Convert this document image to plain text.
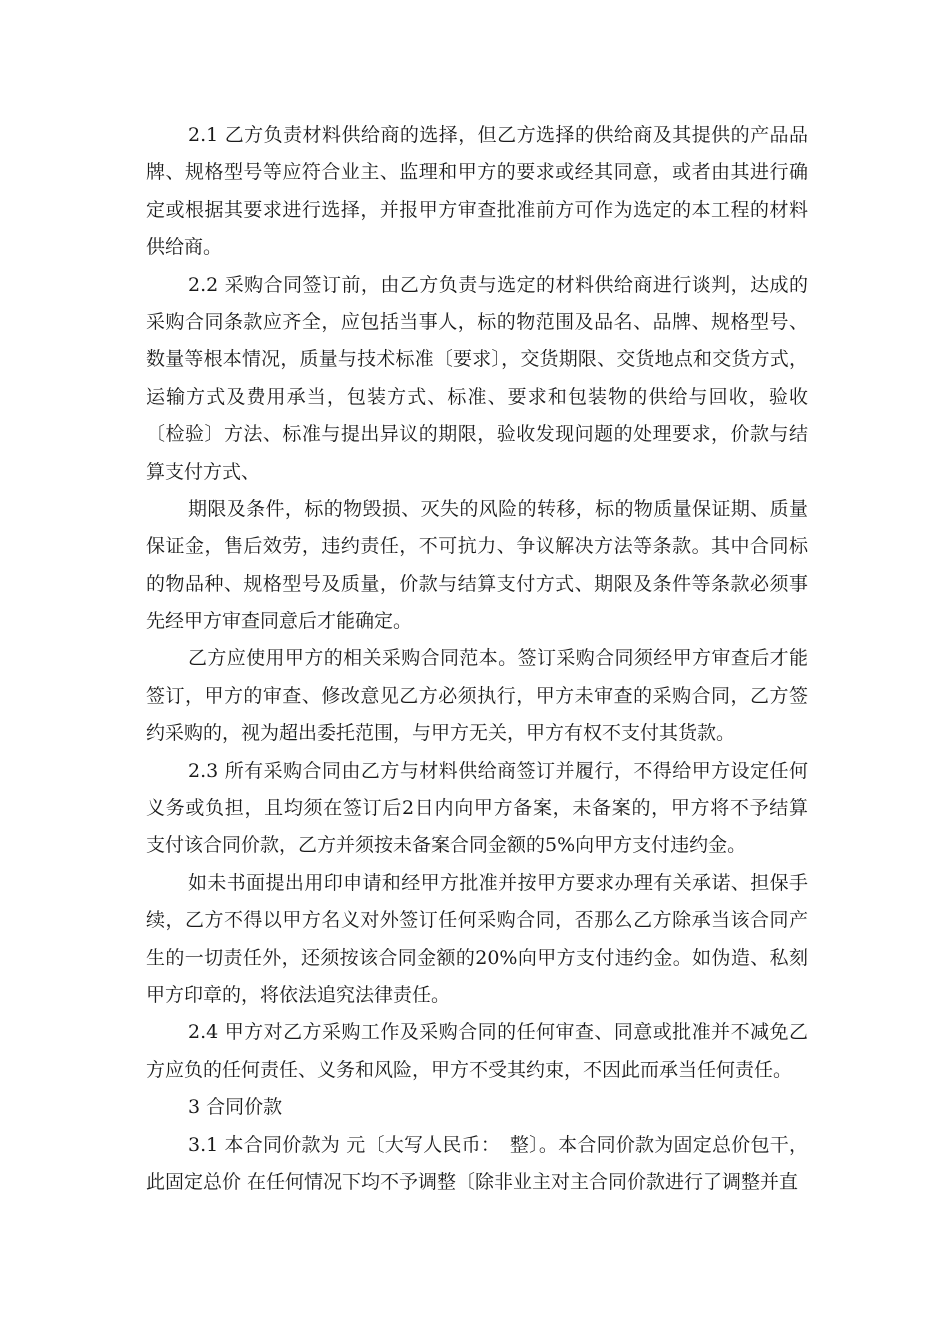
2.1 乙方负责材料供给商的选择，但乙方选择的供给商及其提供的产品品
牌、规格型号等应符合业主、监理和甲方的要求或经其同意，或者由其进行确
定或根据其要求进行选择，并报甲方审查批准前方可作为选定的本工程的材料
供给商。
2.2 采购合同签订前，由乙方负责与选定的材料供给商进行谈判，达成的
采购合同条款应齐全，应包括当事人，标的物范围及品名、品牌、规格型号、
数量等根本情况，质量与技术标准〔要求〕，交货期限、交货地点和交货方式，
运输方式及费用承当，包装方式、标准、要求和包装物的供给与回收，验收
〔检验〕方法、标准与提出异议的期限，验收发现问题的处理要求，价款与结
算支付方式、
期限及条件，标的物毁损、灭失的风险的转移，标的物质量保证期、质量
保证金，售后效劳，违约责任，不可抗力、争议解决方法等条款。其中合同标
的物品种、规格型号及质量，价款与结算支付方式、期限及条件等条款必须事
先经甲方审查同意后才能确定。
乙方应使用甲方的相关采购合同范本。签订采购合同须经甲方审查后才能
签订，甲方的审查、修改意见乙方必须执行，甲方未审查的采购合同，乙方签
约采购的，视为超出委托范围，与甲方无关，甲方有权不支付其货款。
2.3 所有采购合同由乙方与材料供给商签订并履行，不得给甲方设定任何
义务或负担，且均须在签订后2日内向甲方备案，未备案的，甲方将不予结算
支付该合同价款，乙方并须按未备案合同金额的5%向甲方支付违约金。
如未书面提出用印申请和经甲方批准并按甲方要求办理有关承诺、担保手
续，乙方不得以甲方名义对外签订任何采购合同，否那么乙方除承当该合同产
生的一切责任外，还须按该合同金额的20%向甲方支付违约金。如伪造、私刻
甲方印章的，将依法追究法律责任。
2.4 甲方对乙方采购工作及采购合同的任何审查、同意或批准并不减免乙
方应负的任何责任、义务和风险，甲方不受其约束，不因此而承当任何责任。
3 合同价款
3.1 本合同价款为 元〔大写人民币：　整〕。本合同价款为固定总价包干，
此固定总价 在任何情况下均不予调整〔除非业主对主合同价款进行了调整并直
